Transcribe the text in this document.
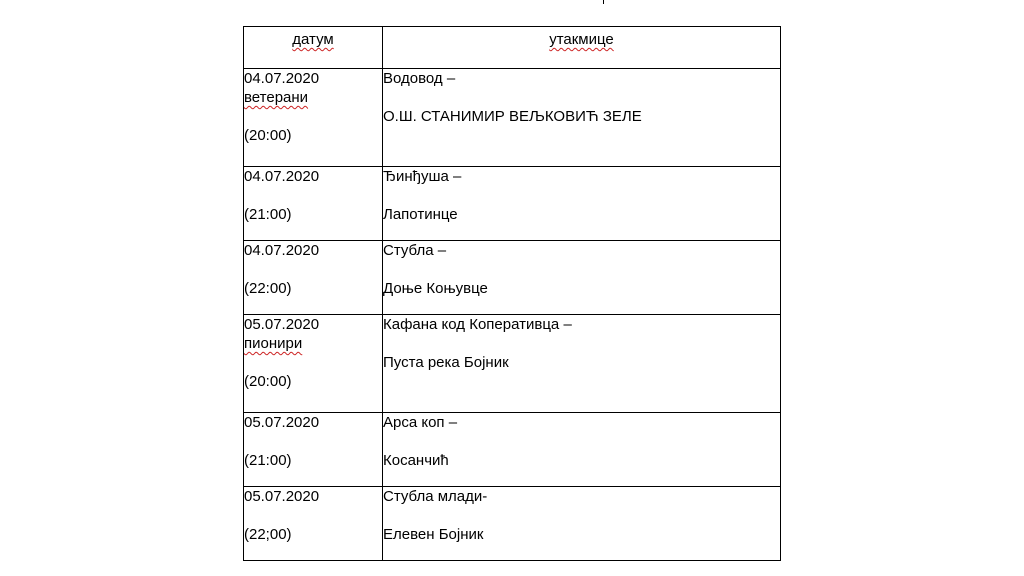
датум	утакмице

04.07.2020
ветерани
(20:00)	Водовод –
О.Ш. СТАНИМИР ВЕЉКОВИЋ ЗЕЛЕ

04.07.2020
(21:00)	Ђинђуша –
Лапотинце

04.07.2020
(22:00)	Стубла –
Доње Коњувце

05.07.2020
пионири
(20:00)	Кафана код Коперативца –
Пуста река Бојник

05.07.2020
(21:00)	Арса коп –
Косанчић

05.07.2020
(22;00)	Стубла млади-
Елевен Бојник
